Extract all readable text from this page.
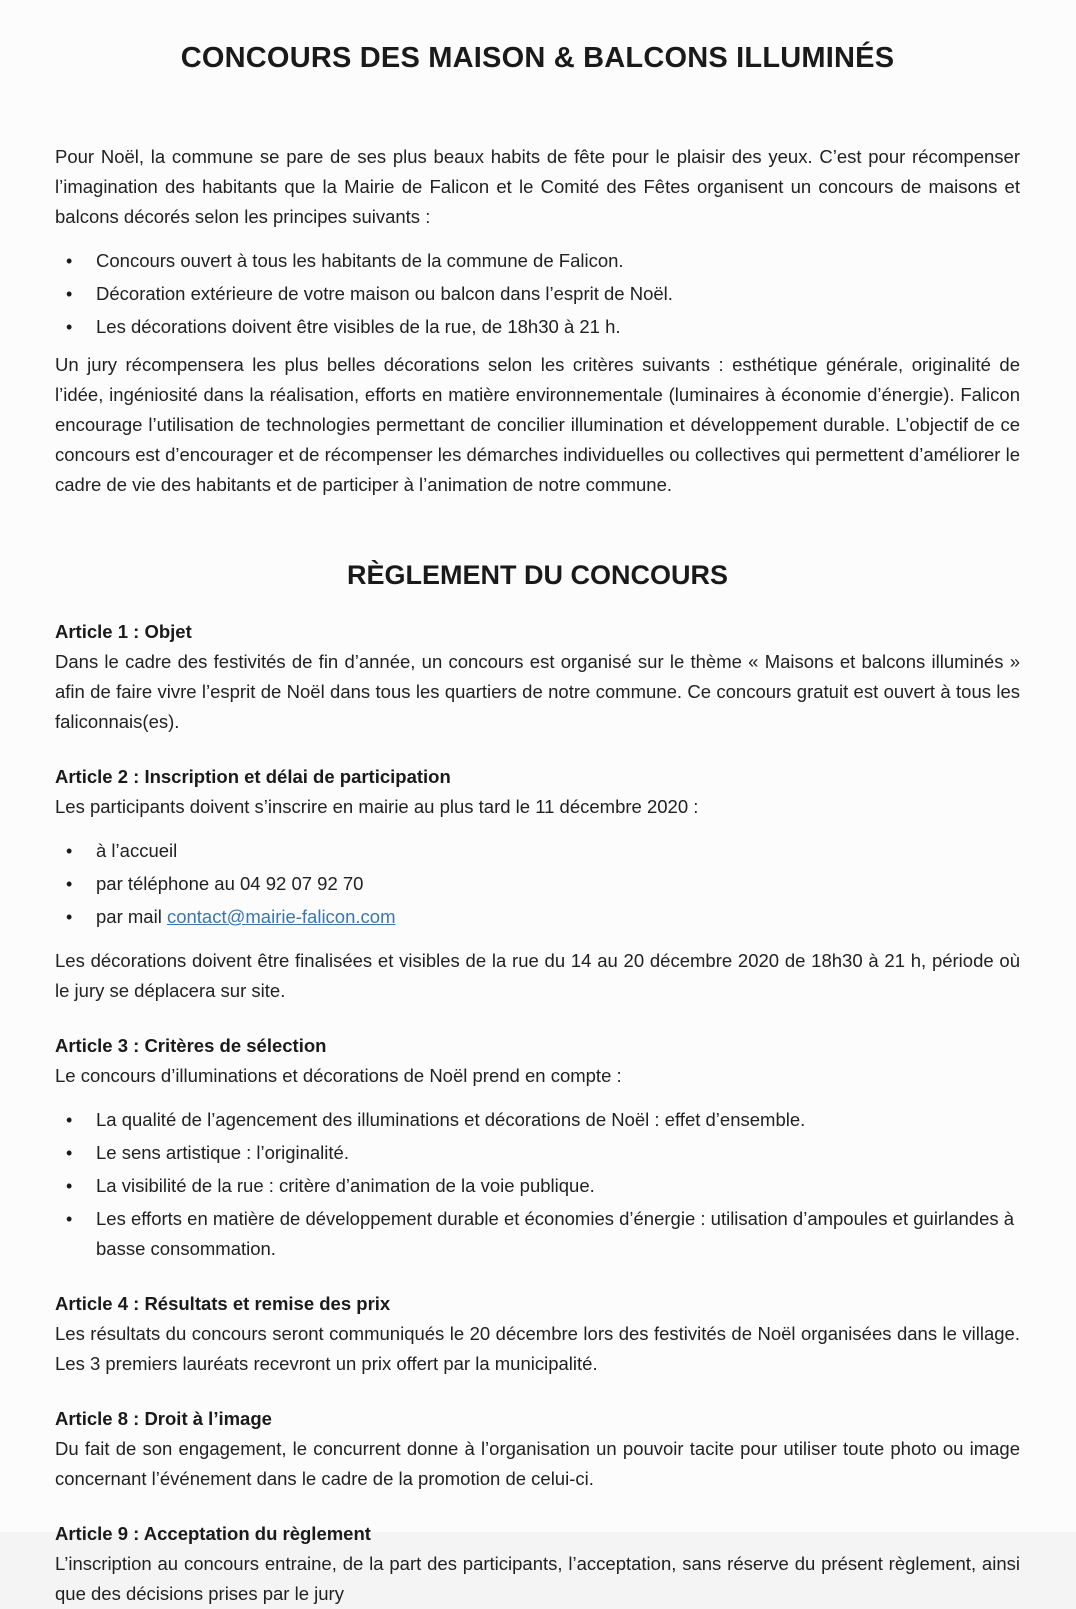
CONCOURS DES MAISON & BALCONS ILLUMINÉS

Pour Noël, la commune se pare de ses plus beaux habits de fête pour le plaisir des yeux. C’est pour récompenser l’imagination des habitants que la Mairie de Falicon et le Comité des Fêtes organisent un concours de maisons et balcons décorés selon les principes suivants :

• Concours ouvert à tous les habitants de la commune de Falicon.
• Décoration extérieure de votre maison ou balcon dans l’esprit de Noël.
• Les décorations doivent être visibles de la rue, de 18h30 à 21 h.

Un jury récompensera les plus belles décorations selon les critères suivants : esthétique générale, originalité de l’idée, ingéniosité dans la réalisation, efforts en matière environnementale (luminaires à économie d’énergie). Falicon encourage l’utilisation de technologies permettant de concilier illumination et développement durable. L’objectif de ce concours est d’encourager et de récompenser les démarches individuelles ou collectives qui permettent d’améliorer le cadre de vie des habitants et de participer à l’animation de notre commune.

RÈGLEMENT DU CONCOURS
Article 1 : Objet

Dans le cadre des festivités de fin d’année, un concours est organisé sur le thème « Maisons et balcons illuminés » afin de faire vivre l’esprit de Noël dans tous les quartiers de notre commune. Ce concours gratuit est ouvert à tous les faliconnais(es).

Article 2 : Inscription et délai de participation

Les participants doivent s’inscrire en mairie au plus tard le 11 décembre 2020 :

• à l’accueil
• par téléphone au 04 92 07 92 70
• par mail contact@mairie-falicon.com

Les décorations doivent être finalisées et visibles de la rue du 14 au 20 décembre 2020 de 18h30 à 21 h, période où le jury se déplacera sur site.

Article 3 : Critères de sélection

Le concours d’illuminations et décorations de Noël prend en compte :

• La qualité de l’agencement des illuminations et décorations de Noël : effet d’ensemble.
• Le sens artistique : l’originalité.
• La visibilité de la rue : critère d’animation de la voie publique.
• Les efforts en matière de développement durable et économies d’énergie : utilisation d’ampoules et guirlandes à basse consommation.
Article 4 : Résultats et remise des prix

Les résultats du concours seront communiqués le 20 décembre lors des festivités de Noël organisées dans le village. Les 3 premiers lauréats recevront un prix offert par la municipalité.

Article 8 : Droit à l’image

Du fait de son engagement, le concurrent donne à l’organisation un pouvoir tacite pour utiliser toute photo ou image concernant l’événement dans le cadre de la promotion de celui-ci.

Article 9 : Acceptation du règlement

L’inscription au concours entraine, de la part des participants, l’acceptation, sans réserve du présent règlement, ainsi que des décisions prises par le jury
